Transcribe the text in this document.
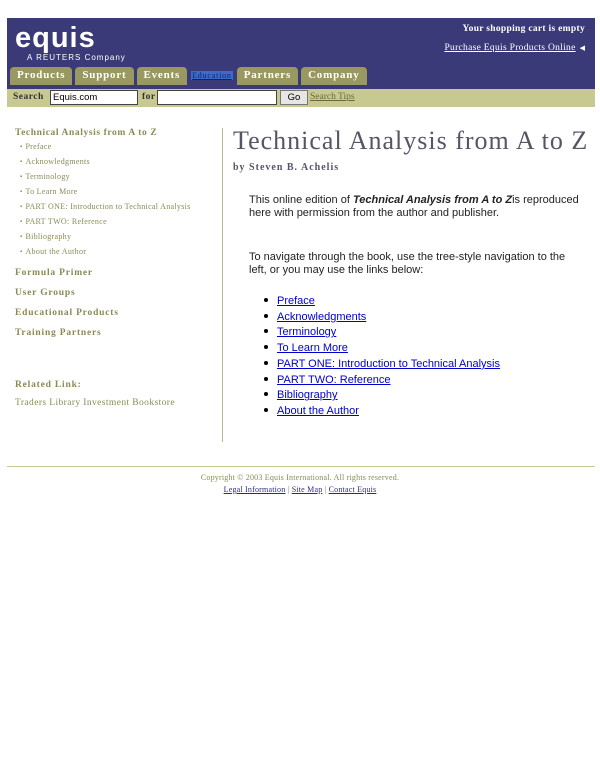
equis
A REUTERS Company
Your shopping cart is empty
Purchase Equis Products Online ◀
Products	Support	Events	Education	Partners	Company
Search Equis.com	for	Go	Search Tips
Technical Analysis from A to Z
▪ Preface
▪ Acknowledgments
▪ Terminology
▪ To Learn More
▪ PART ONE: Introduction to Technical Analysis
▪ PART TWO: Reference
▪ Bibliography
▪ About the Author
Formula Primer
User Groups
Educational Products
Training Partners
Related Link:
Traders Library Investment Bookstore
Technical Analysis from A to Z
by Steven B. Achelis
This online edition of Technical Analysis from A to Zis reproduced here with permission from the author and publisher.
To navigate through the book, use the tree-style navigation to the left, or you may use the links below:
Preface
Acknowledgments
Terminology
To Learn More
PART ONE: Introduction to Technical Analysis
PART TWO: Reference
Bibliography
About the Author
Copyright © 2003 Equis International. All rights reserved.
Legal Information | Site Map | Contact Equis
